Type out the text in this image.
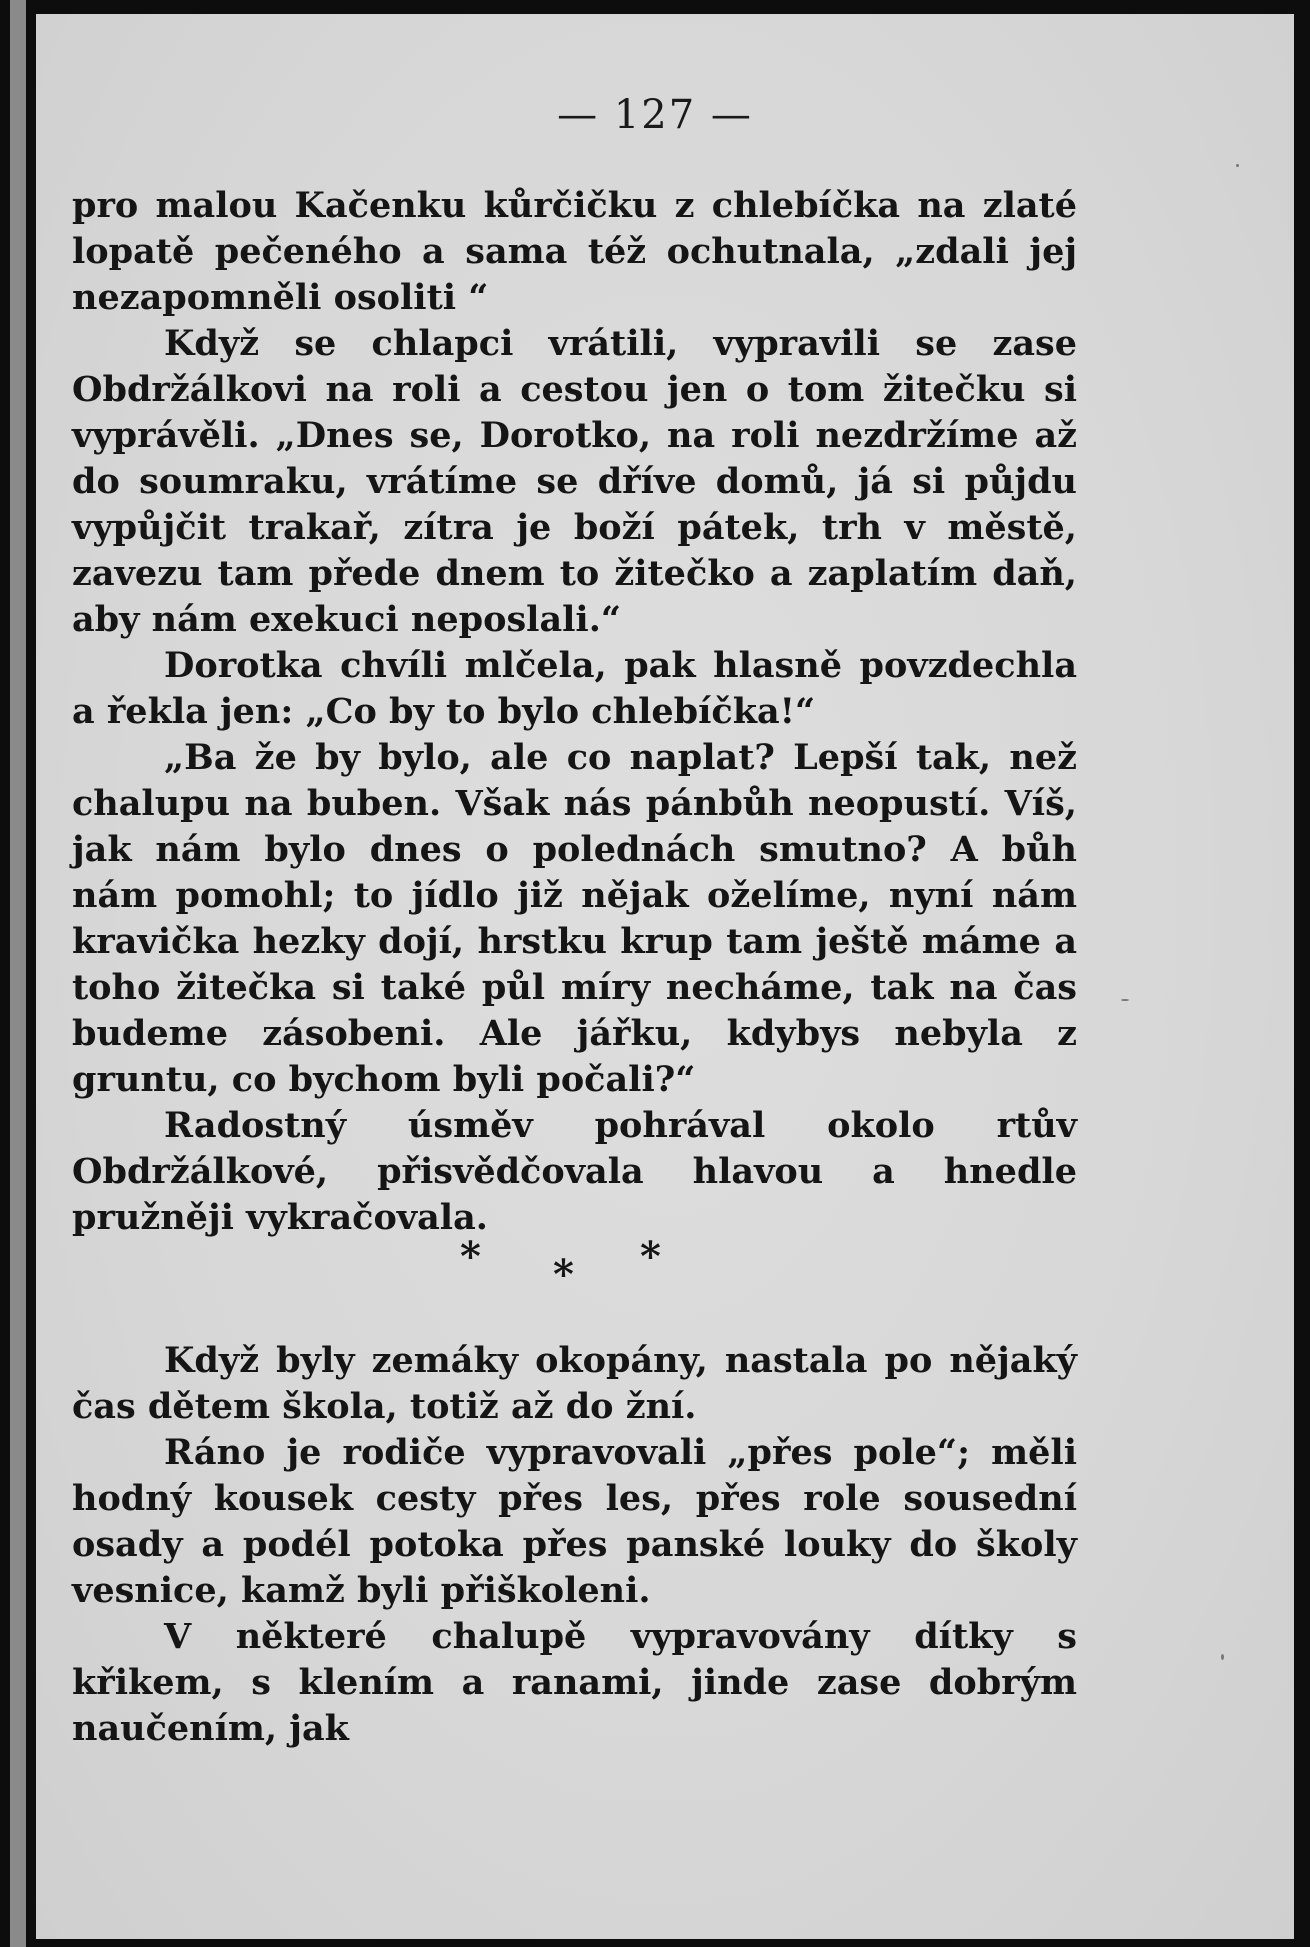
— 127 —

pro malou Kačenku kůrčičku z chlebíčka na zlaté lopatě pečeného a sama též ochutnala, „zdali jej nezapomněli osoliti “

Když se chlapci vrátili, vypravili se zase Obdržálkovi na roli a cestou jen o tom žitečku si vyprávěli. „Dnes se, Dorotko, na roli nezdržíme až do soumraku, vrátíme se dříve domů, já si půjdu vypůjčit trakař, zítra je boží pátek, trh v městě, zavezu tam přede dnem to žitečko a zaplatím daň, aby nám exekuci neposlali.“

Dorotka chvíli mlčela, pak hlasně povzdechla a řekla jen: „Co by to bylo chlebíčka!“

„Ba že by bylo, ale co naplat? Lepší tak, než chalupu na buben. Však nás pánbůh neopustí. Víš, jak nám bylo dnes o polednách smutno? A bůh nám pomohl; to jídlo již nějak oželíme, nyní nám kravička hezky dojí, hrstku krup tam ještě máme a toho žitečka si také půl míry necháme, tak na čas budeme zásobeni. Ale jářku, kdybys nebyla z gruntu, co bychom byli počali?“

Radostný úsměv pohrával okolo rtův Obdržálkové, přisvědčovala hlavou a hnedle pružněji vykračovala.

* * *

Když byly zemáky okopány, nastala po nějaký čas dětem škola, totiž až do žní.

Ráno je rodiče vypravovali „přes pole“; měli hodný kousek cesty přes les, přes role sousední osady a podél potoka přes panské louky do školy vesnice, kamž byli přiškoleni.

V některé chalupě vypravovány dítky s křikem, s klením a ranami, jinde zase dobrým naučením, jak
